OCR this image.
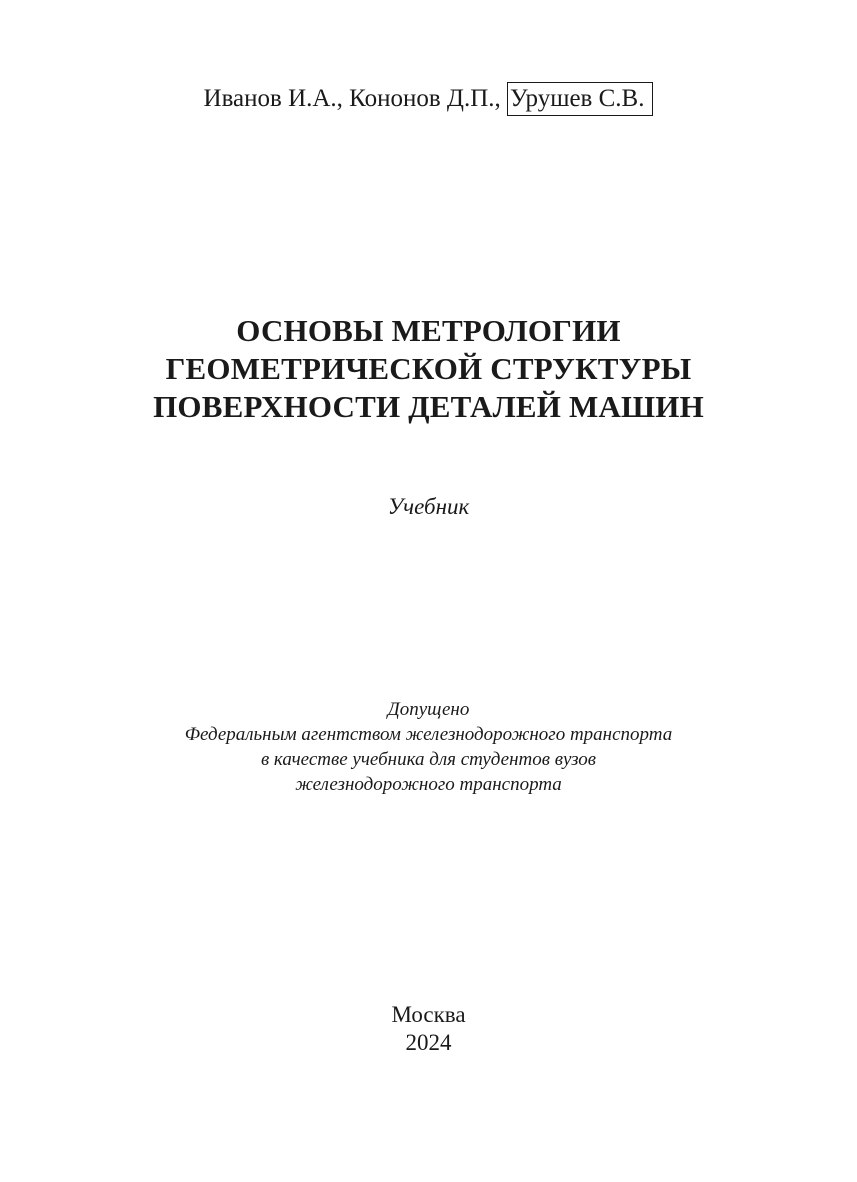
Иванов И.А., Кононов Д.П., Урушев С.В.
ОСНОВЫ МЕТРОЛОГИИ
ГЕОМЕТРИЧЕСКОЙ СТРУКТУРЫ
ПОВЕРХНОСТИ ДЕТАЛЕЙ МАШИН
Учебник
Допущено
Федеральным агентством железнодорожного транспорта
в качестве учебника для студентов вузов
железнодорожного транспорта
Москва
2024
